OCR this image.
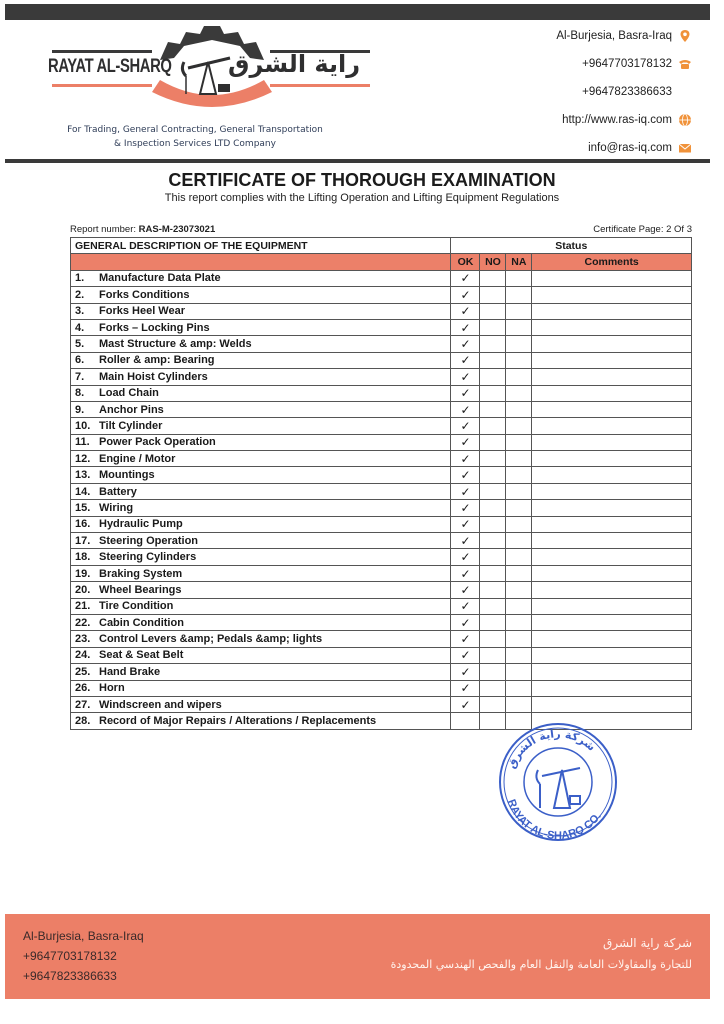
RAYAT AL-SHARQ راية الشرق
For Trading, General Contracting, General Transportation
& Inspection Services LTD Company
Al-Burjesia, Basra-Iraq
+9647703178132
+9647823386633
http://www.ras-iq.com
info@ras-iq.com
CERTIFICATE OF THOROUGH EXAMINATION
This report complies with the Lifting Operation and Lifting Equipment Regulations
Report number: RAS-M-23073021	Certificate Page: 2 Of 3
GENERAL DESCRIPTION OF THE EQUIPMENT	Status			
	OK	NO	NA	Comments
1. Manufacture Data Plate	✓			
2. Forks Conditions	✓			
3. Forks Heel Wear	✓			
4. Forks – Locking Pins	✓			
5. Mast Structure & amp: Welds	✓			
6. Roller & amp: Bearing	✓			
7. Main Hoist Cylinders	✓			
8. Load Chain	✓			
9. Anchor Pins	✓			
10. Tilt Cylinder	✓			
11. Power Pack Operation	✓			
12. Engine / Motor	✓			
13. Mountings	✓			
14. Battery	✓			
15. Wiring	✓			
16. Hydraulic Pump	✓			
17. Steering Operation	✓			
18. Steering Cylinders	✓			
19. Braking System	✓			
20. Wheel Bearings	✓			
21. Tire Condition	✓			
22. Cabin Condition	✓			
23. Control Levers &amp; Pedals &amp; lights	✓			
24. Seat & Seat Belt	✓			
25. Hand Brake	✓			
26. Horn	✓			
27. Windscreen and wipers	✓			
28. Record of Major Repairs / Alterations / Replacements				
شركة راية الشرق
RAYAT AL-SHARQ CO.
Al-Burjesia, Basra-Iraq
+9647703178132
+9647823386633
شركة راية الشرق
للتجارة والمقاولات العامة والنقل العام والفحص الهندسي المحدودة
